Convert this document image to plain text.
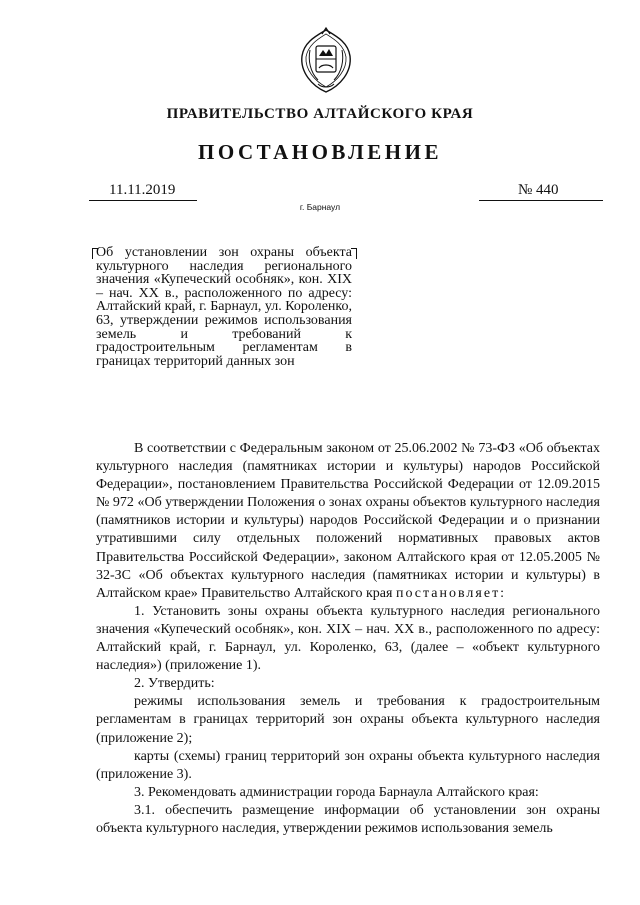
ПРАВИТЕЛЬСТВО АЛТАЙСКОГО КРАЯ
ПОСТАНОВЛЕНИЕ
11.11.2019	№ 440
г. Барнаул

Об установлении зон охраны объекта культурного наследия регионального значения «Купеческий особняк», кон. XIX – нач. XX в., расположенного по адресу: Алтайский край, г. Барнаул, ул. Короленко, 63, утверждении режимов использования земель и требований к градостроительным регламентам в границах территорий данных зон

В соответствии с Федеральным законом от 25.06.2002 № 73-ФЗ «Об объектах культурного наследия (памятниках истории и культуры) народов Российской Федерации», постановлением Правительства Российской Федерации от 12.09.2015 № 972 «Об утверждении Положения о зонах охраны объектов культурного наследия (памятников истории и культуры) народов Российской Федерации и о признании утратившими силу отдельных положений нормативных правовых актов Правительства Российской Федерации», законом Алтайского края от 12.05.2005 № 32-ЗС «Об объектах культурного наследия (памятниках истории и культуры) в Алтайском крае» Правительство Алтайского края постановляет:

1. Установить зоны охраны объекта культурного наследия регионального значения «Купеческий особняк», кон. XIX – нач. XX в., расположенного по адресу: Алтайский край, г. Барнаул, ул. Короленко, 63, (далее – «объект культурного наследия») (приложение 1).

2. Утвердить:

режимы использования земель и требования к градостроительным регламентам в границах территорий зон охраны объекта культурного наследия (приложение 2);

карты (схемы) границ территорий зон охраны объекта культурного наследия (приложение 3).

3. Рекомендовать администрации города Барнаула Алтайского края:

3.1. обеспечить размещение информации об установлении зон охраны объекта культурного наследия, утверждении режимов использования земель
